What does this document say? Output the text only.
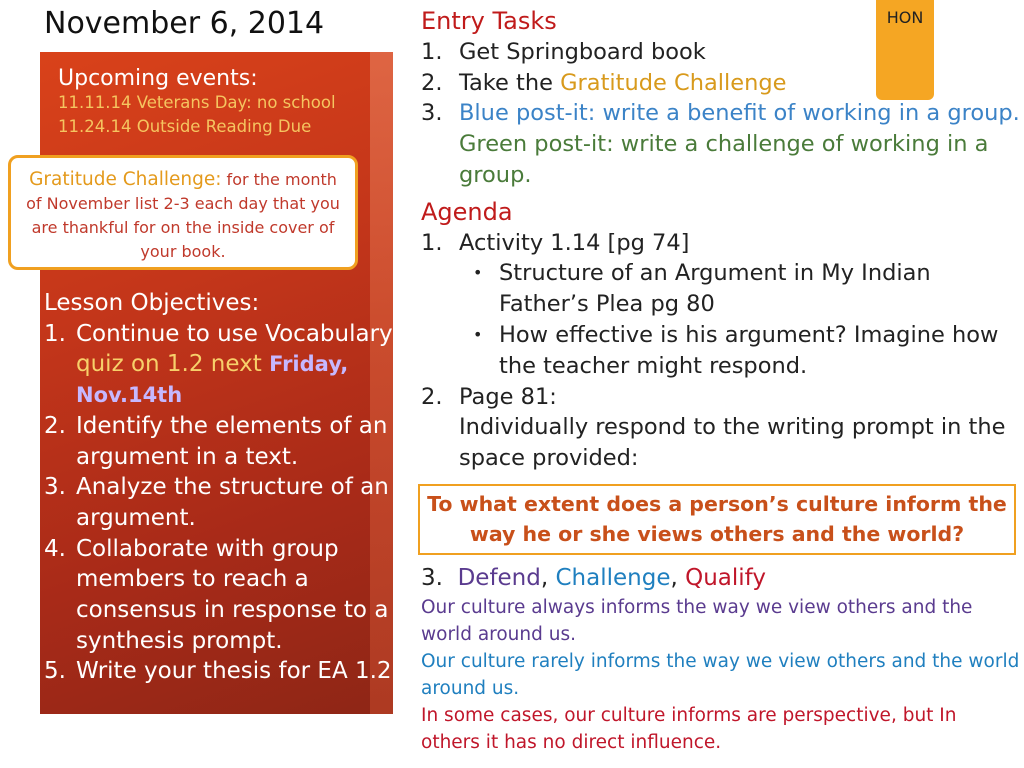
November 6, 2014
Upcoming events:
11.11.14 Veterans Day: no school
11.24.14 Outside Reading Due
Gratitude Challenge: for the month of November list 2-3 each day that you are thankful for on the inside cover of your book.
Lesson Objectives:
1. Continue to use Vocabulary: quiz on 1.2 next Friday, Nov.14th
2. Identify the elements of an argument in a text.
3. Analyze the structure of an argument.
4. Collaborate with group members to reach a consensus in response to a synthesis prompt.
5. Write your thesis for EA 1.2
HON
Entry Tasks
1. Get Springboard book
2. Take the Gratitude Challenge
3. Blue post-it: write a benefit of working in a group. Green post-it: write a challenge of working in a group.
Agenda
1. Activity 1.14 [pg 74]
• Structure of an Argument in My Indian Father’s Plea pg 80
• How effective is his argument? Imagine how the teacher might respond.
2. Page 81:
Individually respond to the writing prompt in the space provided:
To what extent does a person’s culture inform the way he or she views others and the world?
3. Defend, Challenge, Qualify
Our culture always informs the way we view others and the world around us.
Our culture rarely informs the way we view others and the world around us.
In some cases, our culture informs are perspective, but In others it has no direct influence.
